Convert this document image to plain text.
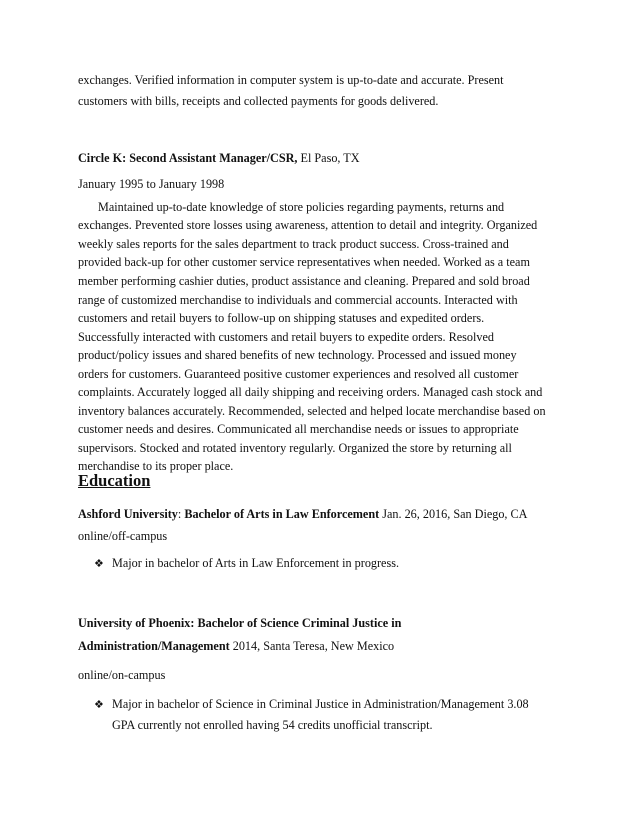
exchanges. Verified information in computer system is up-to-date and accurate. Present
customers with bills, receipts and collected payments for goods delivered.
Circle K: Second Assistant Manager/CSR, El Paso, TX
January 1995 to January 1998
Maintained up-to-date knowledge of store policies regarding payments, returns and
exchanges. Prevented store losses using awareness, attention to detail and integrity. Organized
weekly sales reports for the sales department to track product success. Cross-trained and
provided back-up for other customer service representatives when needed. Worked as a team
member performing cashier duties, product assistance and cleaning. Prepared and sold broad
range of customized merchandise to individuals and commercial accounts. Interacted with
customers and retail buyers to follow-up on shipping statuses and expedited orders.
Successfully interacted with customers and retail buyers to expedite orders. Resolved
product/policy issues and shared benefits of new technology. Processed and issued money
orders for customers. Guaranteed positive customer experiences and resolved all customer
complaints. Accurately logged all daily shipping and receiving orders. Managed cash stock and
inventory balances accurately. Recommended, selected and helped locate merchandise based on
customer needs and desires. Communicated all merchandise needs or issues to appropriate
supervisors. Stocked and rotated inventory regularly. Organized the store by returning all
Education
Ashford University: Bachelor of Arts in Law Enforcement Jan. 26, 2016, San Diego, CA
online/off-campus
❖ Major in bachelor of Arts in Law Enforcement in progress.
University of Phoenix: Bachelor of Science Criminal Justice in
Administration/Management 2014, Santa Teresa, New Mexico
online/on-campus
❖ Major in bachelor of Science in Criminal Justice in Administration/Management 3.08
GPA currently not enrolled having 54 credits unofficial transcript.
merchandise to its proper place.
